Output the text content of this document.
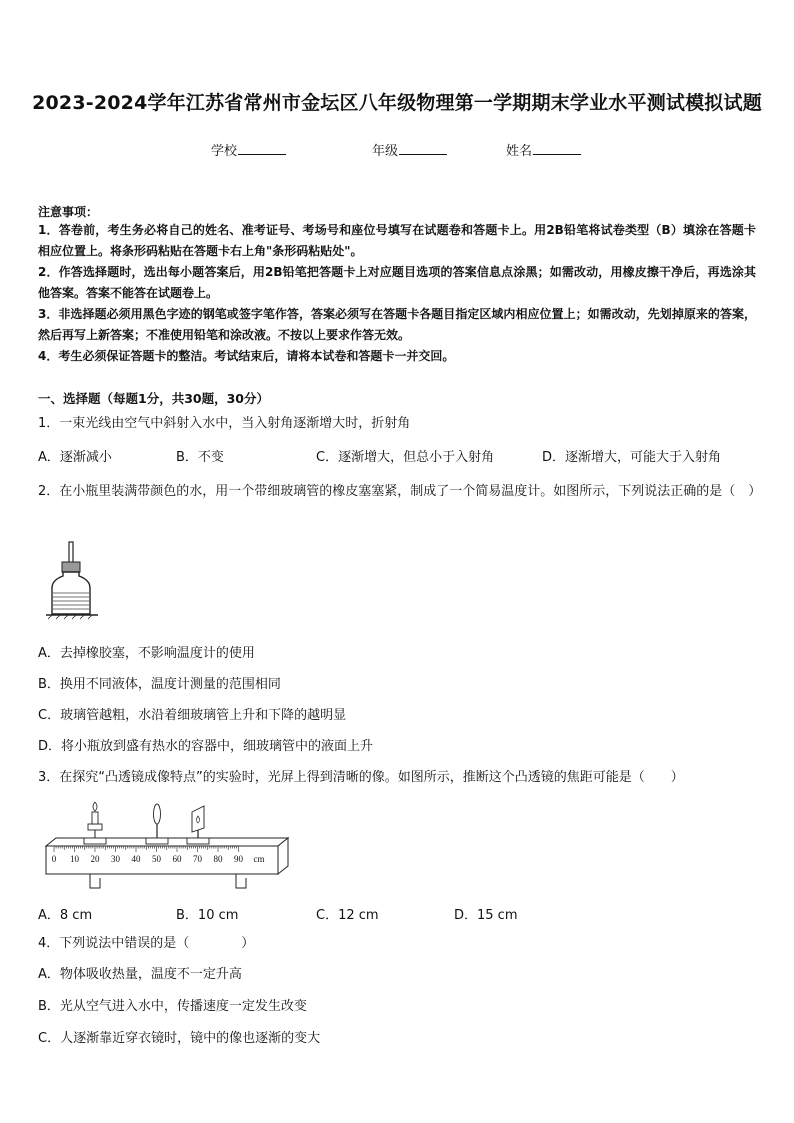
2023-2024学年江苏省常州市金坛区八年级物理第一学期期末学业水平测试模拟试题
学校	年级	姓名
注意事项：
1．答卷前，考生务必将自己的姓名、准考证号、考场号和座位号填写在试题卷和答题卡上。用2B铅笔将试卷类型（B）填涂在答题卡相应位置上。将条形码粘贴在答题卡右上角"条形码粘贴处"。
2．作答选择题时，选出每小题答案后，用2B铅笔把答题卡上对应题目选项的答案信息点涂黑；如需改动，用橡皮擦干净后，再选涂其他答案。答案不能答在试题卷上。
3．非选择题必须用黑色字迹的钢笔或签字笔作答，答案必须写在答题卡各题目指定区域内相应位置上；如需改动，先划掉原来的答案，然后再写上新答案；不准使用铅笔和涂改液。不按以上要求作答无效。
4．考生必须保证答题卡的整洁。考试结束后，请将本试卷和答题卡一并交回。
一、选择题（每题1分，共30题，30分）
1．一束光线由空气中斜射入水中，当入射角逐渐增大时，折射角
A．逐渐减小	B．不变	C．逐渐增大，但总小于入射角	D．逐渐增大，可能大于入射角
2．在小瓶里装满带颜色的水，用一个带细玻璃管的橡皮塞塞紧，制成了一个简易温度计。如图所示，下列说法正确的是（　）
A．去掉橡胶塞，不影响温度计的使用
B．换用不同液体，温度计测量的范围相同
C．玻璃管越粗，水沿着细玻璃管上升和下降的越明显
D．将小瓶放到盛有热水的容器中，细玻璃管中的液面上升
3．在探究“凸透镜成像特点”的实验时，光屏上得到清晰的像。如图所示，推断这个凸透镜的焦距可能是（　　）
0 10 20 30 40 50 60 70 80 90 cm
A．8 cm	B．10 cm	C．12 cm	D．15 cm
4．下列说法中错误的是（　　　　）
A．物体吸收热量，温度不一定升高
B．光从空气进入水中，传播速度一定发生改变
C．人逐渐靠近穿衣镜时，镜中的像也逐渐的变大
